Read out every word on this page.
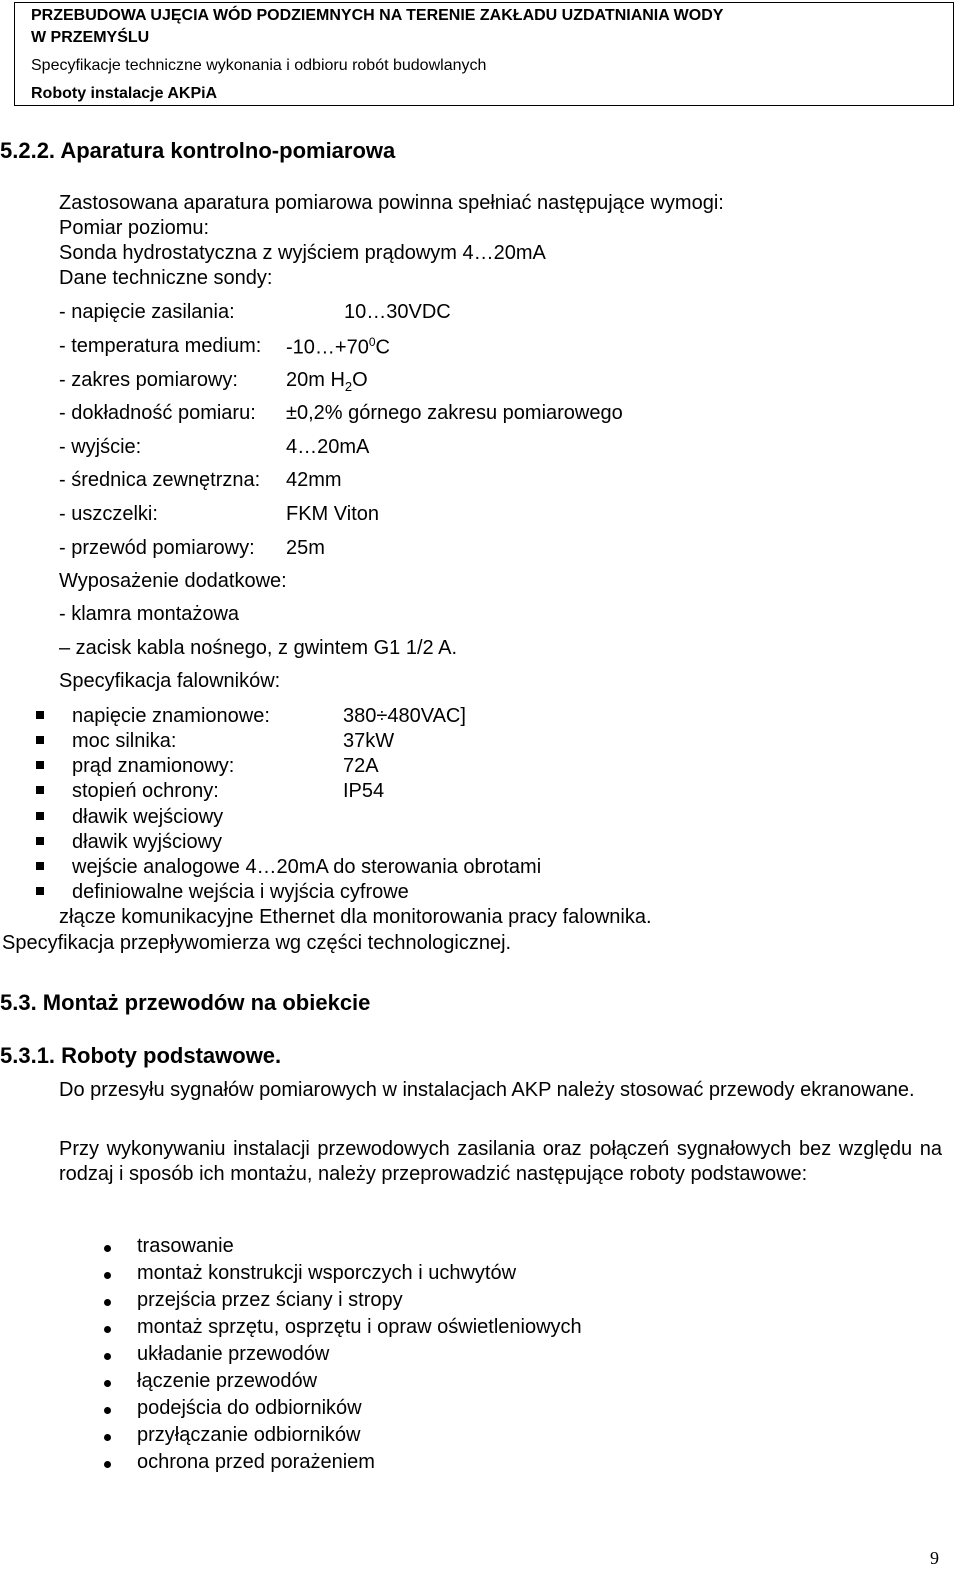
PRZEBUDOWA UJĘCIA WÓD PODZIEMNYCH NA TERENIE ZAKŁADU UZDATNIANIA WODY
W PRZEMYŚLU
Specyfikacje techniczne wykonania i odbioru robót budowlanych
Roboty instalacje AKPiA
5.2.2. Aparatura kontrolno-pomiarowa
Zastosowana aparatura pomiarowa powinna spełniać następujące wymogi:
Pomiar poziomu:
Sonda hydrostatyczna z wyjściem prądowym 4…20mA
Dane techniczne sondy:
- napięcie zasilania:	10…30VDC
- temperatura medium: $-10\dots+70^0C$
- zakres pomiarowy: 20m $H_2O$
- dokładność pomiaru: ±0,2% górnego zakresu pomiarowego
- wyjście:	4…20mA
- średnica zewnętrzna: 42mm
- uszczelki:	FKM Viton
- przewód pomiarowy: 25m
Wyposażenie dodatkowe:
- klamra montażowa
– zacisk kabla nośnego, z gwintem G1 1/2 A.
Specyfikacja falowników:
napięcie znamionowe:	380÷480VAC]
moc silnika:	37kW
prąd znamionowy:	72A
stopień ochrony:	IP54
dławik wejściowy
dławik wyjściowy
wejście analogowe 4…20mA do sterowania obrotami
definiowalne wejścia i wyjścia cyfrowe
złącze komunikacyjne Ethernet dla monitorowania pracy falownika.
Specyfikacja przepływomierza wg części technologicznej.
5.3. Montaż przewodów na obiekcie
5.3.1. Roboty podstawowe.
Do przesyłu sygnałów pomiarowych w instalacjach AKP należy stosować przewody ekranowane.
Przy wykonywaniu instalacji przewodowych zasilania oraz połączeń sygnałowych bez względu na rodzaj i sposób ich montażu, należy przeprowadzić następujące roboty podstawowe:
trasowanie
montaż konstrukcji wsporczych i uchwytów
przejścia przez ściany i stropy
montaż sprzętu, osprzętu i opraw oświetleniowych
układanie przewodów
łączenie przewodów
podejścia do odbiorników
przyłączanie odbiorników
ochrona przed porażeniem
9
